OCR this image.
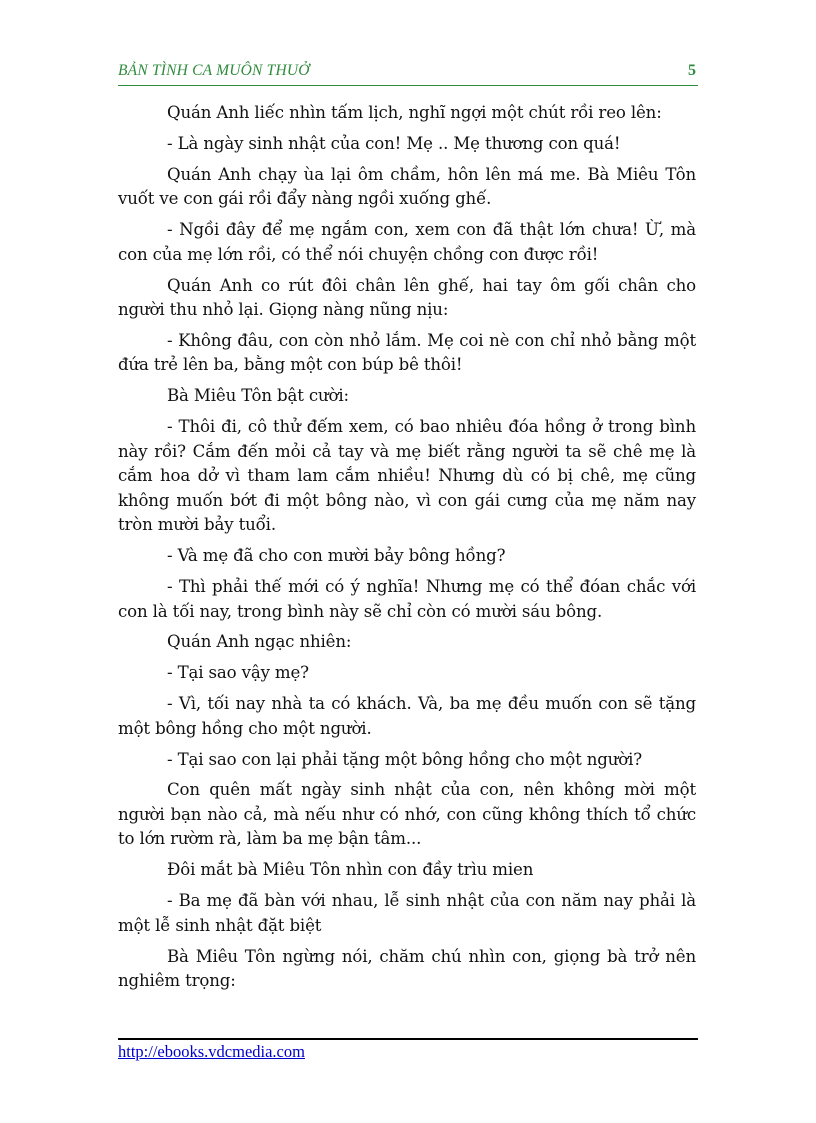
BẢN TÌNH CA MUÔN THUỞ	5

Quán Anh liếc nhìn tấm lịch, nghĩ ngợi một chút rồi reo lên:

- Là ngày sinh nhật của con! Mẹ .. Mẹ thương con quá!

Quán Anh chạy ùa lại ôm chầm, hôn lên má me. Bà Miêu Tôn vuốt ve con gái rồi đẩy nàng ngồi xuống ghế.

- Ngồi đây để mẹ ngắm con, xem con đã thật lớn chưa! Ừ, mà con của mẹ lớn rồi, có thể nói chuyện chồng con được rồi!

Quán Anh co rút đôi chân lên ghế, hai tay ôm gối chân cho người thu nhỏ lại. Giọng nàng nũng nịu:

- Không đâu, con còn nhỏ lắm. Mẹ coi nè con chỉ nhỏ bằng một đứa trẻ lên ba, bằng một con búp bê thôi!

Bà Miêu Tôn bật cười:

- Thôi đi, cô thử đếm xem, có bao nhiêu đóa hồng ở trong bình này rồi? Cắm đến mỏi cả tay và mẹ biết rằng người ta sẽ chê mẹ là cắm hoa dở vì tham lam cắm nhiều! Nhưng dù có bị chê, mẹ cũng không muốn bớt đi một bông nào, vì con gái cưng của mẹ năm nay tròn mười bảy tuổi.

- Và mẹ đã cho con mười bảy bông hồng?

- Thì phải thế mới có ý nghĩa! Nhưng mẹ có thể đóan chắc với con là tối nay, trong bình này sẽ chỉ còn có mười sáu bông.

Quán Anh ngạc nhiên:

- Tại sao vậy mẹ?

- Vì, tối nay nhà ta có khách. Và, ba mẹ đều muốn con sẽ tặng một bông hồng cho một người.

- Tại sao con lại phải tặng một bông hồng cho một người?

Con quên mất ngày sinh nhật của con, nên không mời một người bạn nào cả, mà nếu như có nhớ, con cũng không thích tổ chức to lớn rườm rà, làm ba mẹ bận tâm...

Đôi mắt bà Miêu Tôn nhìn con đầy trìu mien

- Ba mẹ đã bàn với nhau, lễ sinh nhật của con năm nay phải là một lễ sinh nhật đặt biệt

Bà Miêu Tôn ngừng nói, chăm chú nhìn con, giọng bà trở nên nghiêm trọng:

http://ebooks.vdcmedia.com
